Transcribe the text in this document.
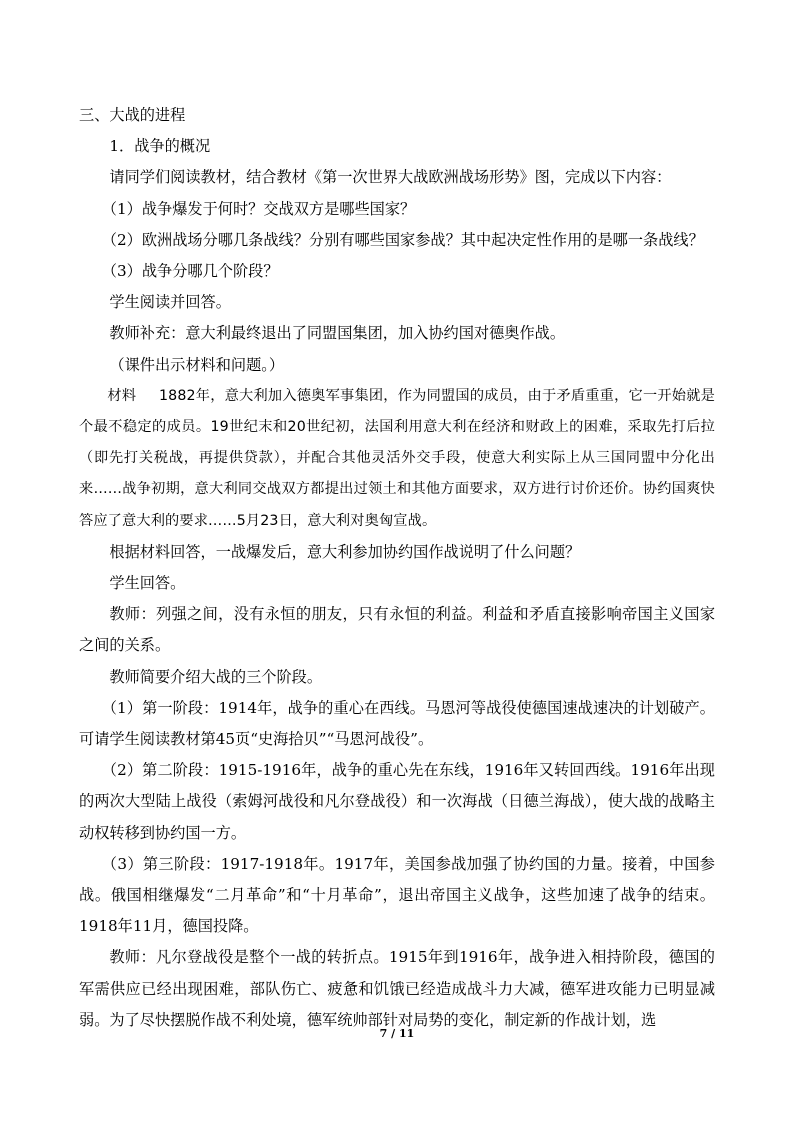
三、大战的进程

1．战争的概况

请同学们阅读教材，结合教材《第一次世界大战欧洲战场形势》图，完成以下内容：

（1）战争爆发于何时？交战双方是哪些国家？

（2）欧洲战场分哪几条战线？分别有哪些国家参战？其中起决定性作用的是哪一条战线？

（3）战争分哪几个阶段？

学生阅读并回答。

教师补充：意大利最终退出了同盟国集团，加入协约国对德奥作战。

（课件出示材料和问题。）

材料 1882年，意大利加入德奥军事集团，作为同盟国的成员，由于矛盾重重，它一开始就是个最不稳定的成员。19世纪末和20世纪初，法国利用意大利在经济和财政上的困难，采取先打后拉（即先打关税战，再提供贷款），并配合其他灵活外交手段，使意大利实际上从三国同盟中分化出来……战争初期，意大利同交战双方都提出过领土和其他方面要求，双方进行讨价还价。协约国爽快答应了意大利的要求……5月23日，意大利对奥匈宣战。

根据材料回答，一战爆发后，意大利参加协约国作战说明了什么问题？

学生回答。

教师：列强之间，没有永恒的朋友，只有永恒的利益。利益和矛盾直接影响帝国主义国家之间的关系。

教师简要介绍大战的三个阶段。

（1）第一阶段：1914年，战争的重心在西线。马恩河等战役使德国速战速决的计划破产。可请学生阅读教材第45页“史海拾贝”“马恩河战役”。

（2）第二阶段：1915-1916年，战争的重心先在东线，1916年又转回西线。1916年出现的两次大型陆上战役（索姆河战役和凡尔登战役）和一次海战（日德兰海战），使大战的战略主动权转移到协约国一方。

（3）第三阶段：1917-1918年。1917年，美国参战加强了协约国的力量。接着，中国参战。俄国相继爆发“二月革命”和“十月革命”，退出帝国主义战争，这些加速了战争的结束。1918年11月，德国投降。

教师：凡尔登战役是整个一战的转折点。1915年到1916年，战争进入相持阶段，德国的军需供应已经出现困难，部队伤亡、疲惫和饥饿已经造成战斗力大减，德军进攻能力已明显减弱。为了尽快摆脱作战不利处境，德军统帅部针对局势的变化，制定新的作战计划，选

7 / 11
